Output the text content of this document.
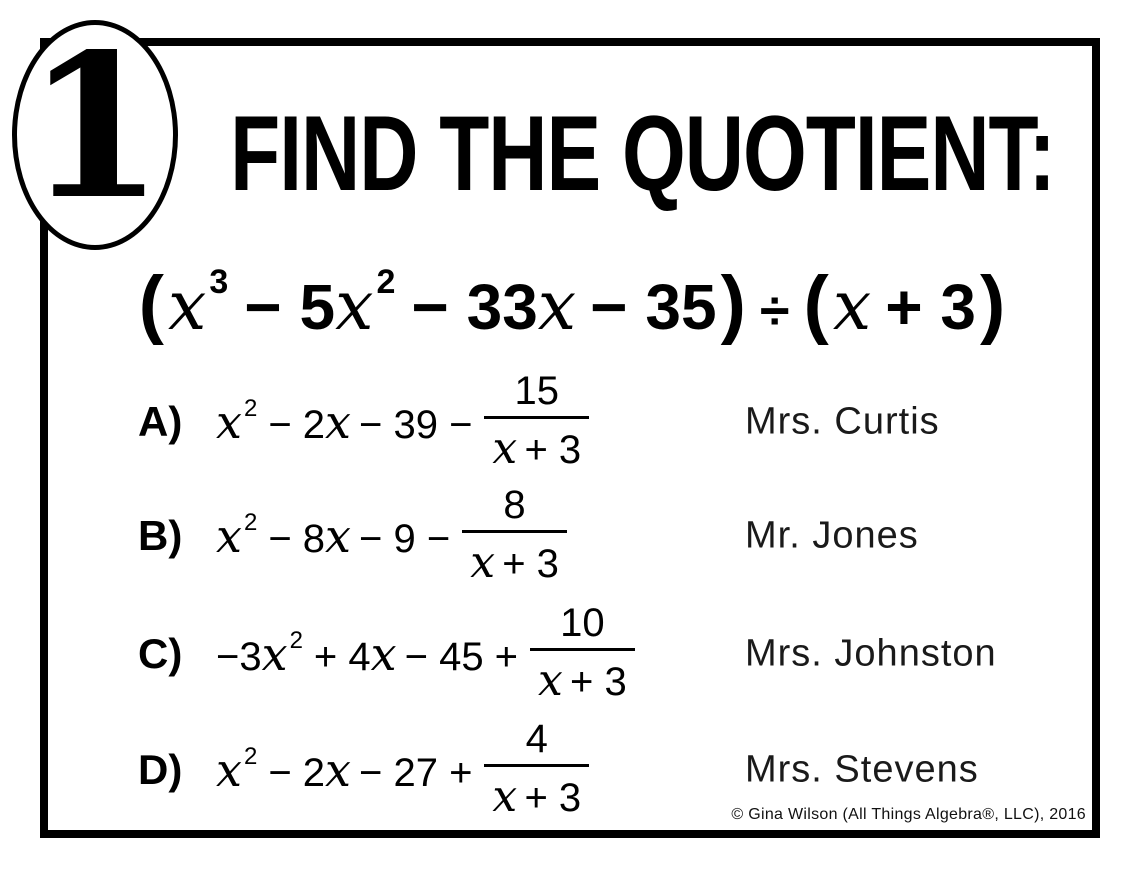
1 FIND THE QUOTIENT:
(x3 − 5x2 − 33x − 35) ÷ (x + 3)
A) $x^2 - 2x - 39 - \frac{15}{x + 3}$	Mrs. Curtis
B) $x^2 - 8x - 9 - \frac{8}{x + 3}$	Mr. Jones
$C) -3x^2 + 4x - 45 + \frac{10}{x + 3}$	Mrs. Johnston
D) $x^2 - 2x - 27 + \frac{4}{x + 3}$	Mrs. Stevens
© Gina Wilson (All Things Algebra®, LLC), 2016
